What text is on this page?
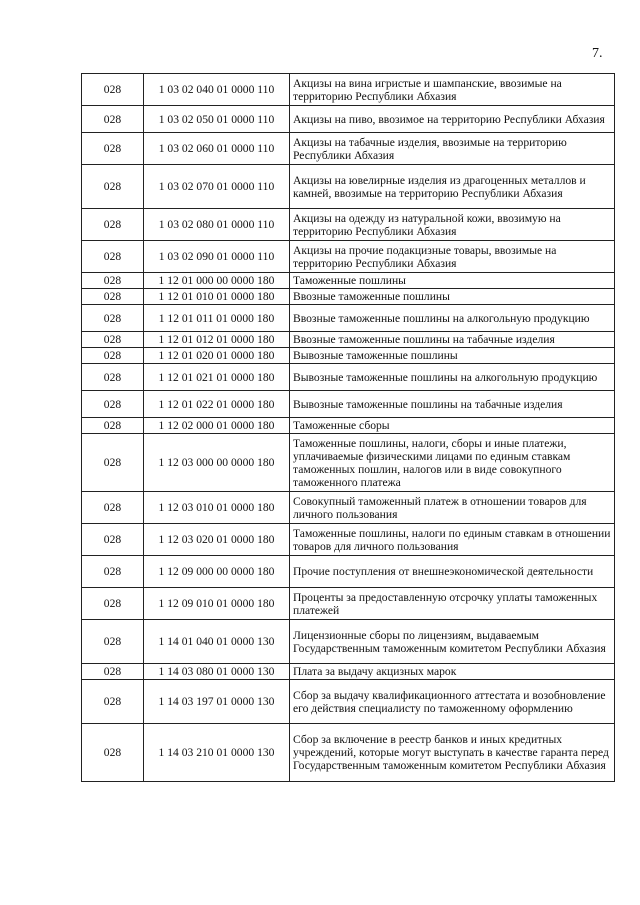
7.
028	1 03 02 040 01 0000 110	Акцизы на вина игристые и шампанские, ввозимые на территорию Республики Абхазия
028	1 03 02 050 01 0000 110	Акцизы на пиво, ввозимое на территорию Республики Абхазия
028	1 03 02 060 01 0000 110	Акцизы на табачные изделия, ввозимые на территорию Республики Абхазия
028	1 03 02 070 01 0000 110	Акцизы на ювелирные изделия из драгоценных металлов и камней, ввозимые на территорию Республики Абхазия
028	1 03 02 080 01 0000 110	Акцизы на одежду из натуральной кожи, ввозимую на территорию Республики Абхазия
028	1 03 02 090 01 0000 110	Акцизы на прочие подакцизные товары, ввозимые на территорию Республики Абхазия
028	1 12 01 000 00 0000 180	Таможенные пошлины
028	1 12 01 010 01 0000 180	Ввозные таможенные пошлины
028	1 12 01 011 01 0000 180	Ввозные таможенные пошлины на алкогольную продукцию
028	1 12 01 012 01 0000 180	Ввозные таможенные пошлины на табачные изделия
028	1 12 01 020 01 0000 180	Вывозные таможенные пошлины
028	1 12 01 021 01 0000 180	Вывозные таможенные пошлины на алкогольную продукцию
028	1 12 01 022 01 0000 180	Вывозные таможенные пошлины на табачные изделия
028	1 12 02 000 01 0000 180	Таможенные сборы
028	1 12 03 000 00 0000 180	Таможенные пошлины, налоги, сборы и иные платежи, уплачиваемые физическими лицами по единым ставкам таможенных пошлин, налогов или в виде совокупного таможенного платежа
028	1 12 03 010 01 0000 180	Совокупный таможенный платеж в отношении товаров для личного пользования
028	1 12 03 020 01 0000 180	Таможенные пошлины, налоги по единым ставкам в отношении товаров для личного пользования
028	1 12 09 000 00 0000 180	Прочие поступления от внешнеэкономической деятельности
028	1 12 09 010 01 0000 180	Проценты за предоставленную отсрочку уплаты таможенных платежей
028	1 14 01 040 01 0000 130	Лицензионные сборы по лицензиям, выдаваемым Государственным таможенным комитетом Республики Абхазия
028	1 14 03 080 01 0000 130	Плата за выдачу акцизных марок
028	1 14 03 197 01 0000 130	Сбор за выдачу квалификационного аттестата и возобновление его действия специалисту по таможенному оформлению
028	1 14 03 210 01 0000 130	Сбор за включение в реестр банков и иных кредитных учреждений, которые могут выступать в качестве гаранта перед Государственным таможенным комитетом Республики Абхазия
